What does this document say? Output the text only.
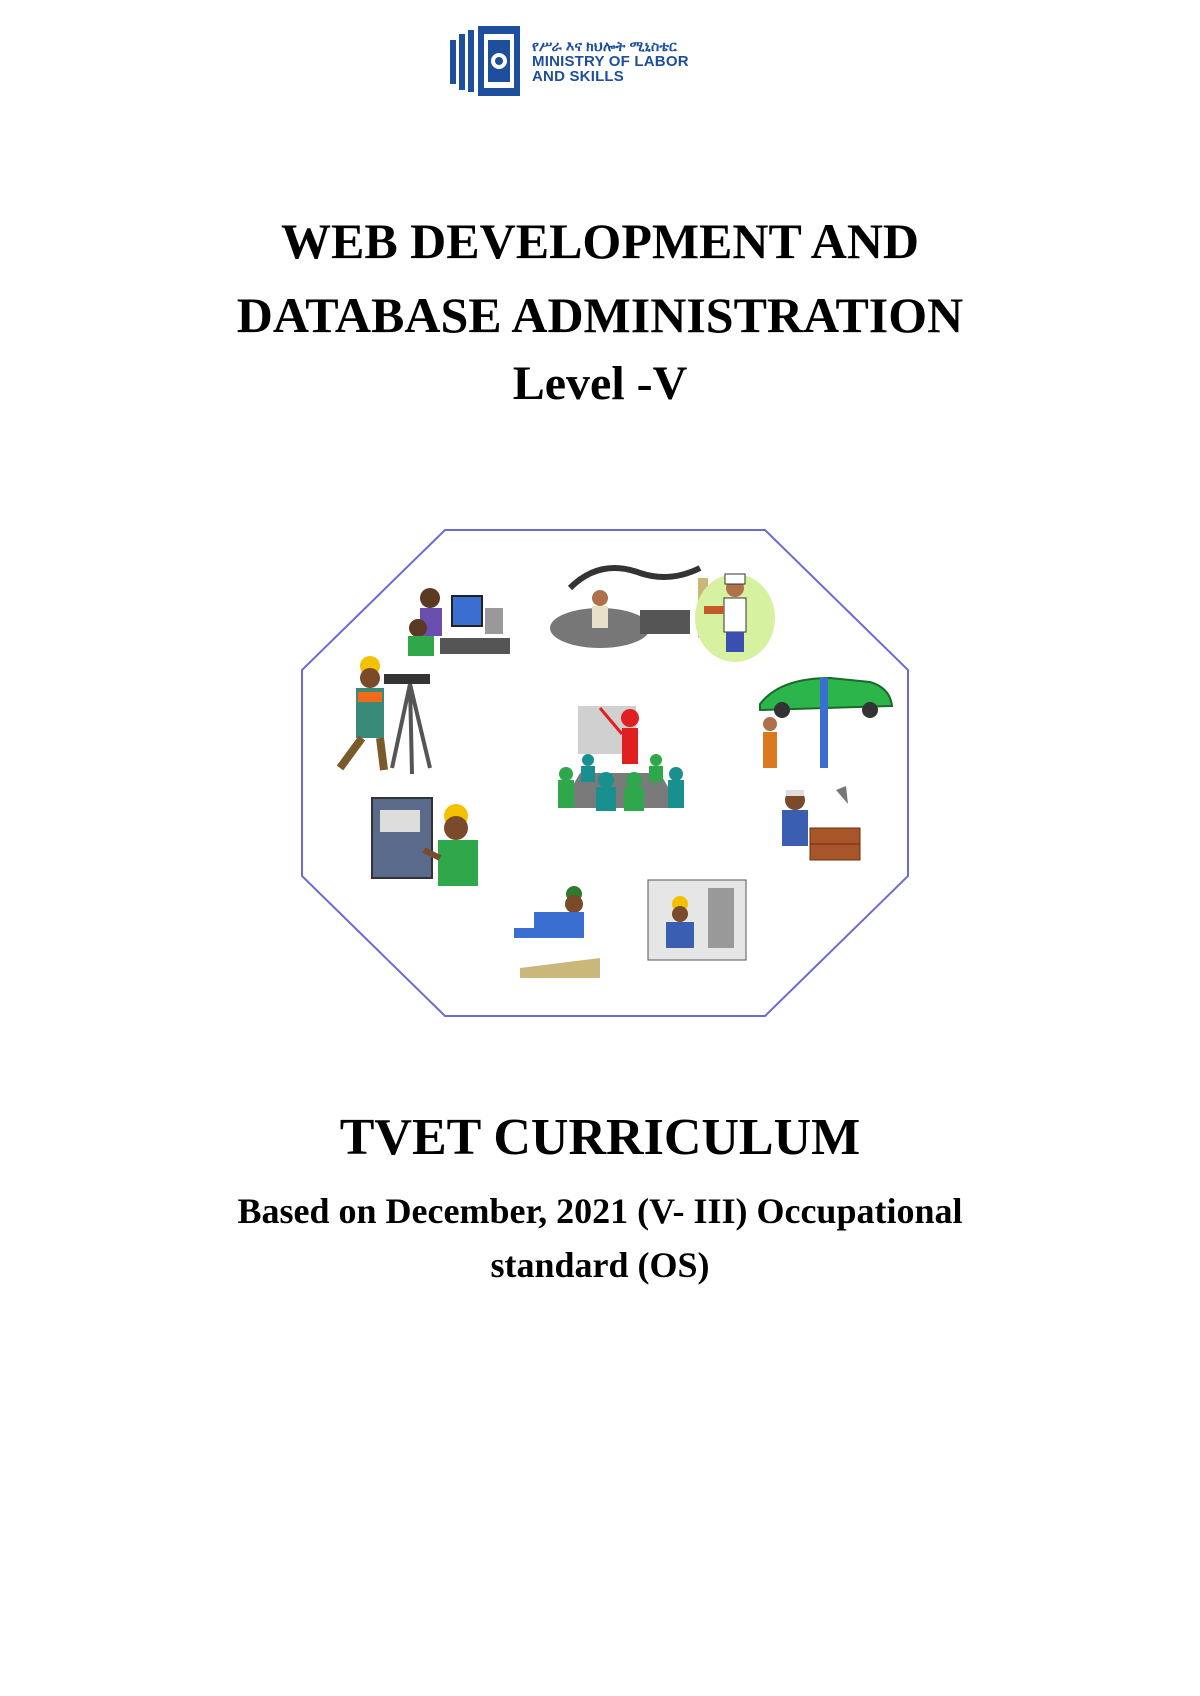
የሥራ እና ክህሎት ሚኒስቴር
MINISTRY OF LABOR
AND SKILLS
WEB DEVELOPMENT AND
DATABASE ADMINISTRATION
Level -V
TVET CURRICULUM
Based on December, 2021 (V- III) Occupational
standard (OS)
